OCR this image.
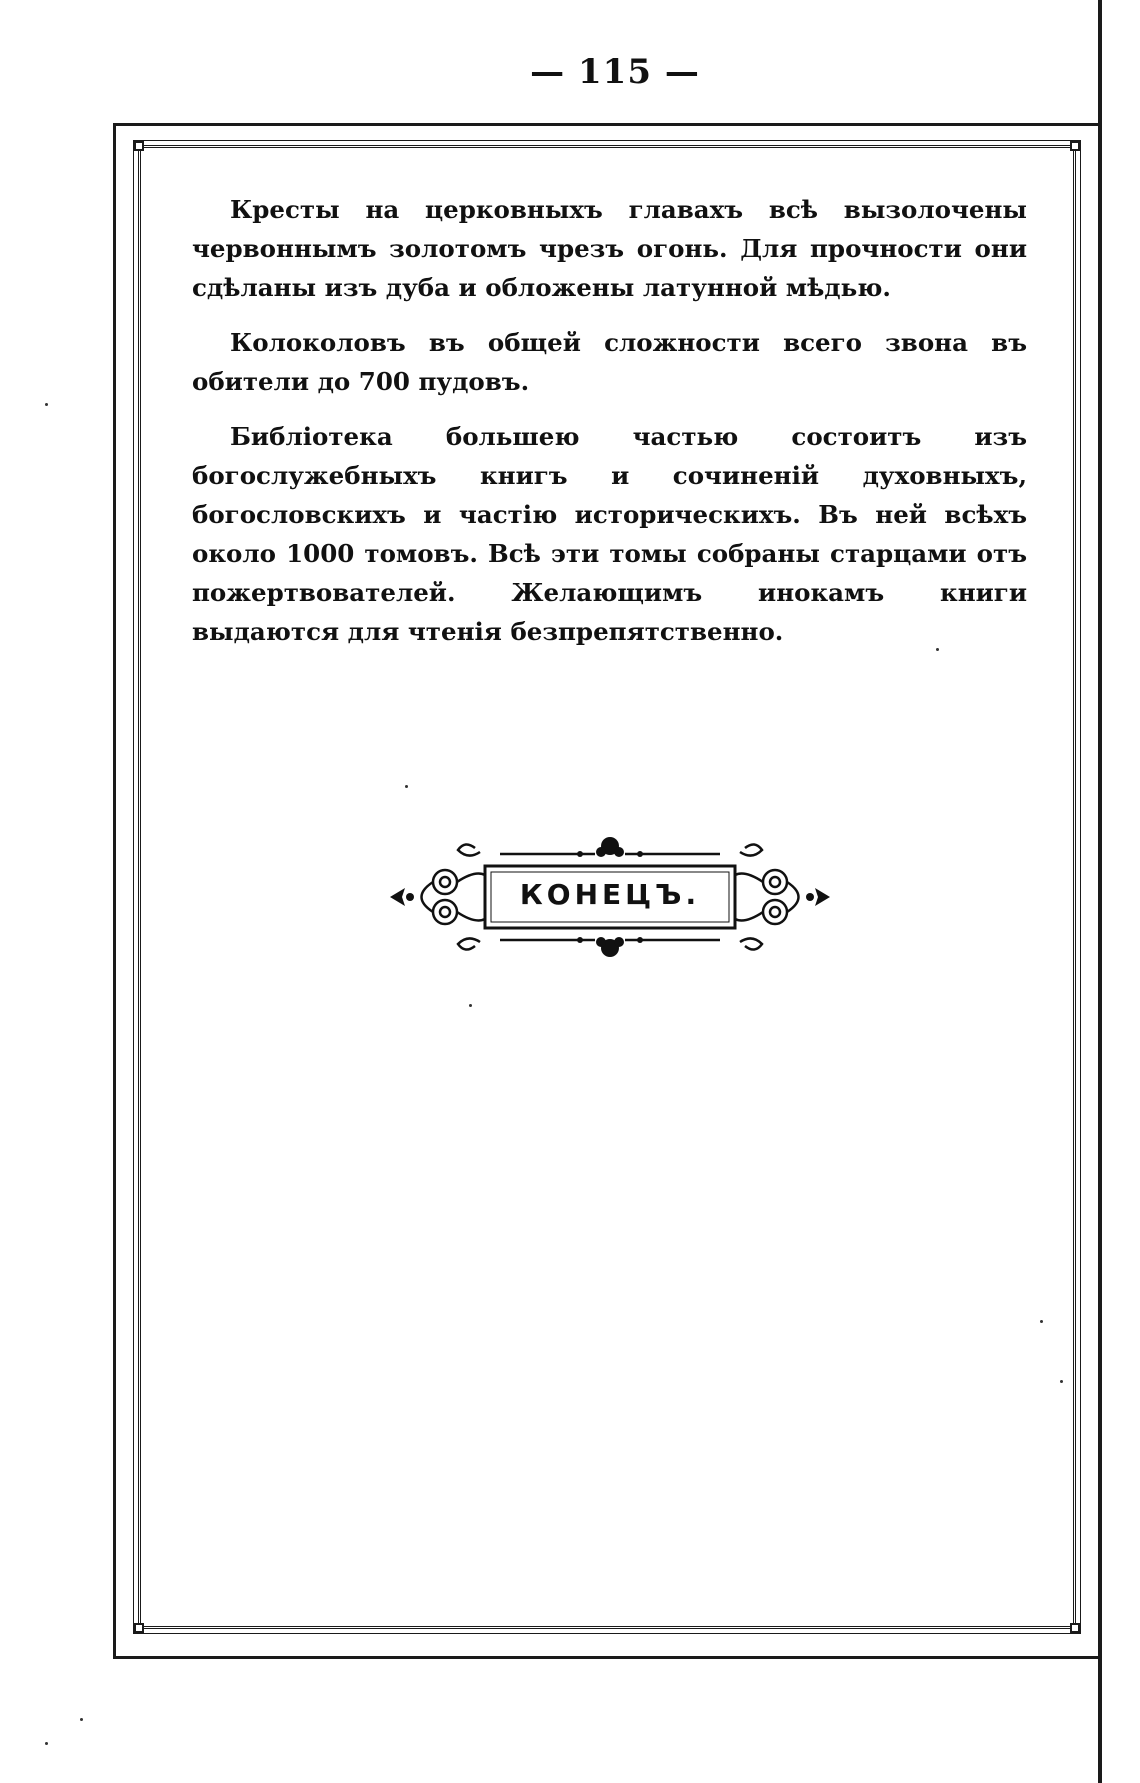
— 115 —

Кресты на церковныхъ главахъ всѣ вызолочены червоннымъ золотомъ чрезъ огонь. Для прочности они сдѣланы изъ дуба и обложены латунной мѣдью.

Колоколовъ въ общей сложности всего звона въ обители до 700 пудовъ.

Библіотека большею частью состоитъ изъ богослужебныхъ книгъ и сочиненій духовныхъ, богословскихъ и частію историческихъ. Въ ней всѣхъ около 1000 томовъ. Всѣ эти томы собраны старцами отъ пожертвователей. Желающимъ инокамъ книги выдаются для чтенія безпрепятственно.

КОНЕЦЪ.
